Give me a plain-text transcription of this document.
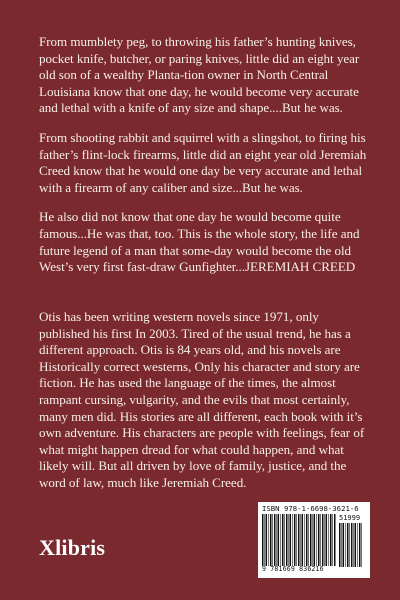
From mumblety peg, to throwing his father’s hunting knives, pocket knife, butcher, or paring knives, little did an eight year old son of a wealthy Planta-tion owner in North Central Louisiana know that one day, he would become very accurate and lethal with a knife of any size and shape....But he was.

From shooting rabbit and squirrel with a slingshot, to firing his father’s flint-lock firearms, little did an eight year old Jeremiah Creed know that he would one day be very accurate and lethal with a firearm of any caliber and size...But he was.

He also did not know that one day he would become quite famous...He was that, too. This is the whole story, the life and future legend of a man that some-day would become the old West’s very first fast-draw Gunfighter...JEREMIAH CREED

Otis has been writing western novels since 1971, only published his first In 2003. Tired of the usual trend, he has a different approach. Otis is 84 years old, and his novels are Historically correct westerns, Only his character and story are fiction. He has used the language of the times, the almost rampant cursing, vulgarity, and the evils that most certainly, many men did. His stories are all different, each book with it’s own adventure. His characters are people with feelings, fear of what might happen dread for what could happen, and what likely will. But all driven by love of family, justice, and the word of law, much like Jeremiah Creed.

Xlibris
ISBN 978-1-6698-3621-6
51999
9 781669 836216
